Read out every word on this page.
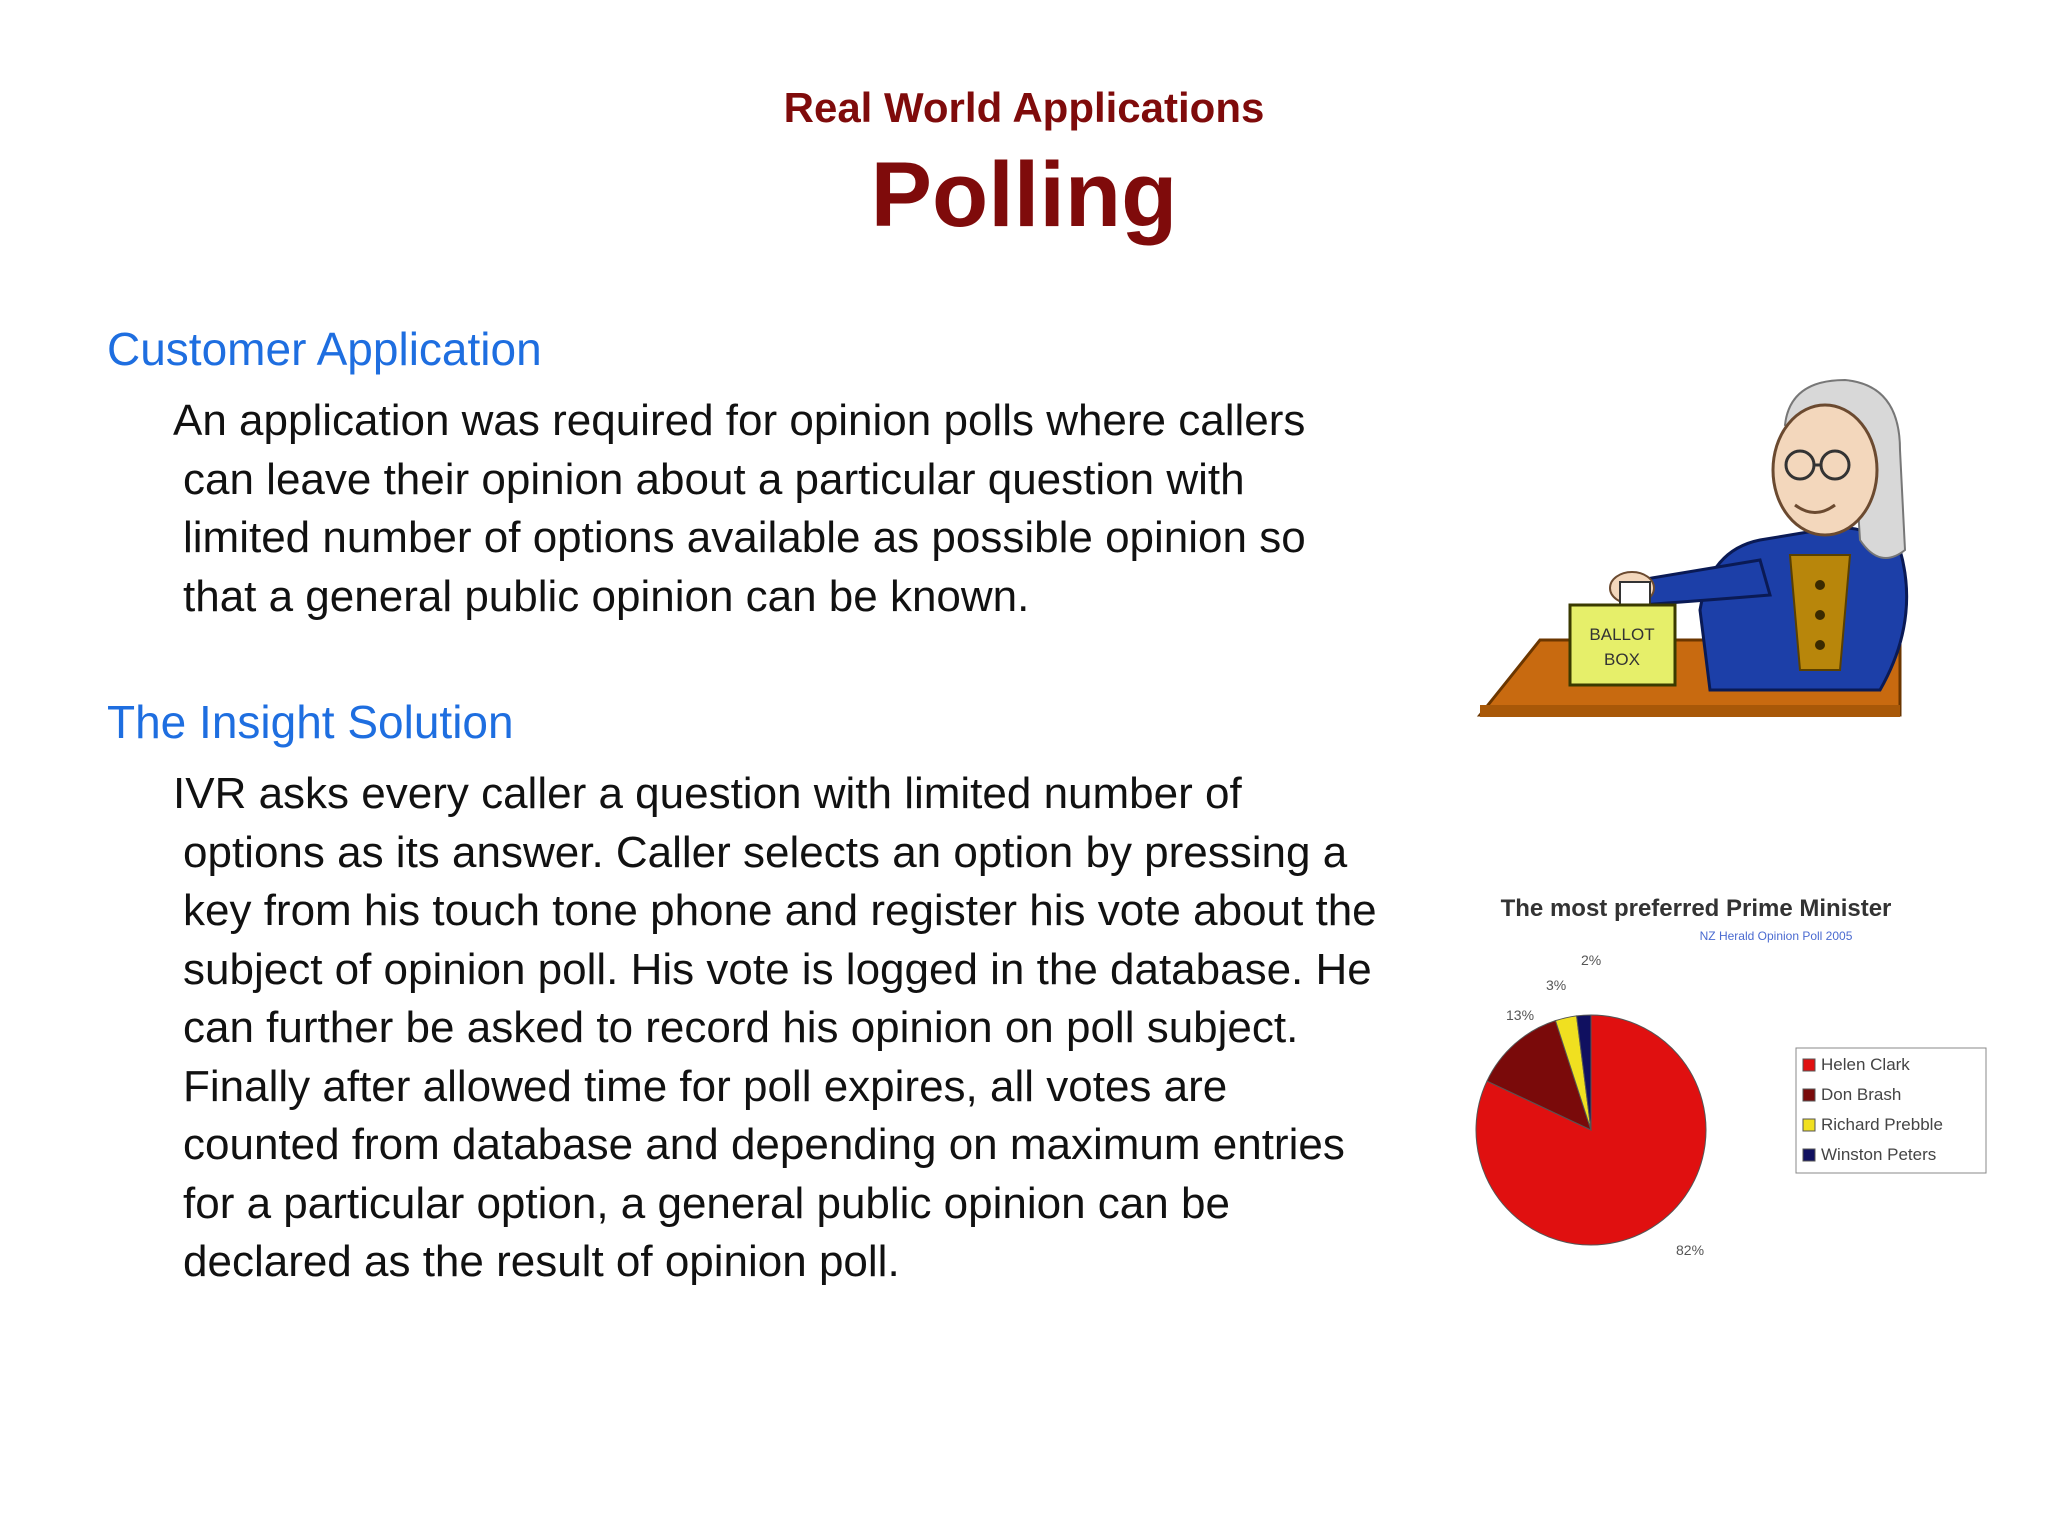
Real World Applications
Polling
Customer Application
An application was required for opinion polls where callers can leave their opinion about a particular question with limited number of options available as possible opinion so that a general public opinion can be known.
The Insight Solution
IVR asks every caller a question with limited number of options as its answer. Caller selects an option by pressing a key from his touch tone phone and register his vote about the subject of opinion poll. His vote is logged in the database. He can further be asked to record his opinion on poll subject. Finally after allowed time for poll expires, all votes are counted from database and depending on maximum entries for a particular option, a general public opinion can be declared as the result of opinion poll.
BALLOT
BOX
The most preferred Prime Minister
NZ Herald Opinion Poll 2005
82%
13%
3%
2%
Helen Clark
Don Brash
Richard Prebble
Winston Peters
